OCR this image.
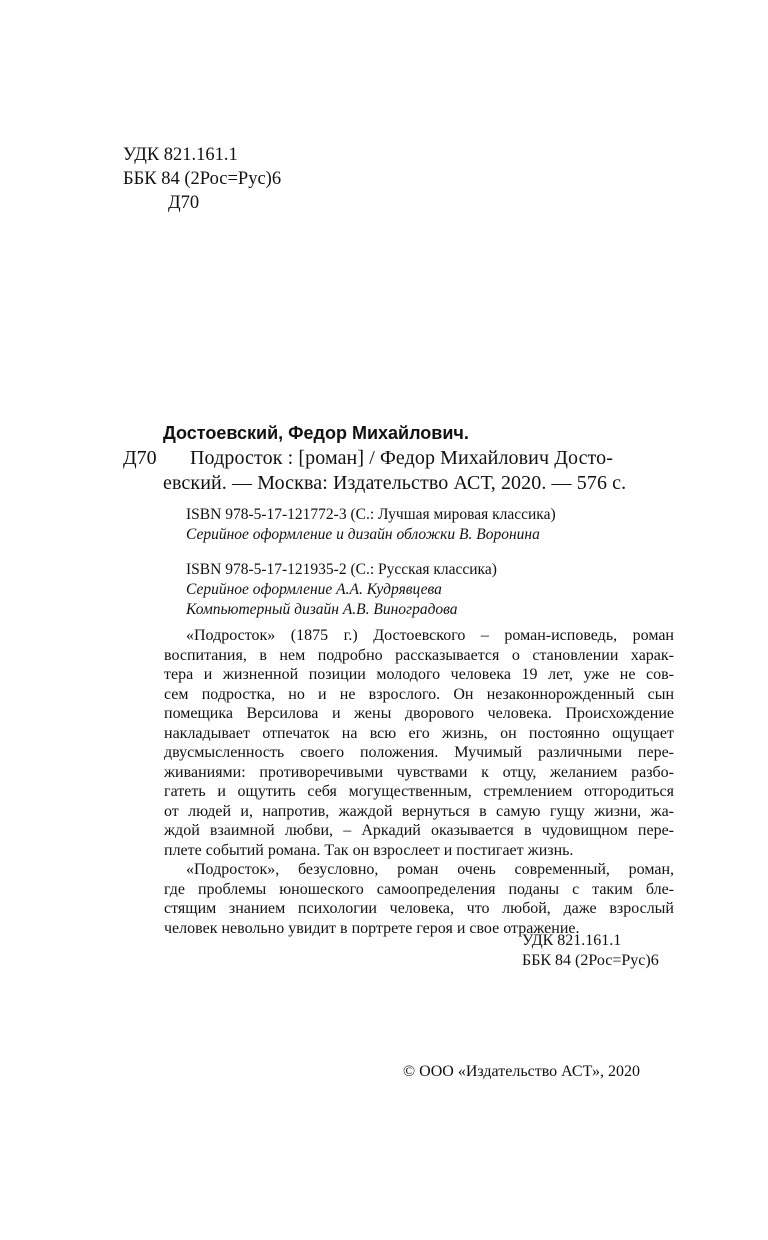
УДК 821.161.1
ББК 84 (2Рос=Рус)6
Д70
Достоевский, Федор Михайлович.
Д70 Подросток : [роман] / Федор Михайлович Досто-
евский. — Москва: Издательство АСТ, 2020. — 576 с.
ISBN 978-5-17-121772-3 (С.: Лучшая мировая классика)
Серийное оформление и дизайн обложки В. Воронина
ISBN 978-5-17-121935-2 (С.: Русская классика)
Серийное оформление А.А. Кудрявцева
Компьютерный дизайн А.В. Виноградова
«Подросток» (1875 г.) Достоевского – роман-исповедь, роман
воспитания, в нем подробно рассказывается о становлении харак-
тера и жизненной позиции молодого человека 19 лет, уже не сов-
сем подростка, но и не взрослого. Он незаконнорожденный сын
помещика Версилова и жены дворового человека. Происхождение
накладывает отпечаток на всю его жизнь, он постоянно ощущает
двусмысленность своего положения. Мучимый различными пере-
живаниями: противоречивыми чувствами к отцу, желанием разбо-
гатеть и ощутить себя могущественным, стремлением отгородиться
от людей и, напротив, жаждой вернуться в самую гущу жизни, жа-
ждой взаимной любви, – Аркадий оказывается в чудовищном пере-
плете событий романа. Так он взрослеет и постигает жизнь.
«Подросток», безусловно, роман очень современный, роман,
где проблемы юношеского самоопределения поданы с таким бле-
стящим знанием психологии человека, что любой, даже взрослый
человек невольно увидит в портрете героя и свое отражение.
УДК 821.161.1
ББК 84 (2Рос=Рус)6
© ООО «Издательство АСТ», 2020
